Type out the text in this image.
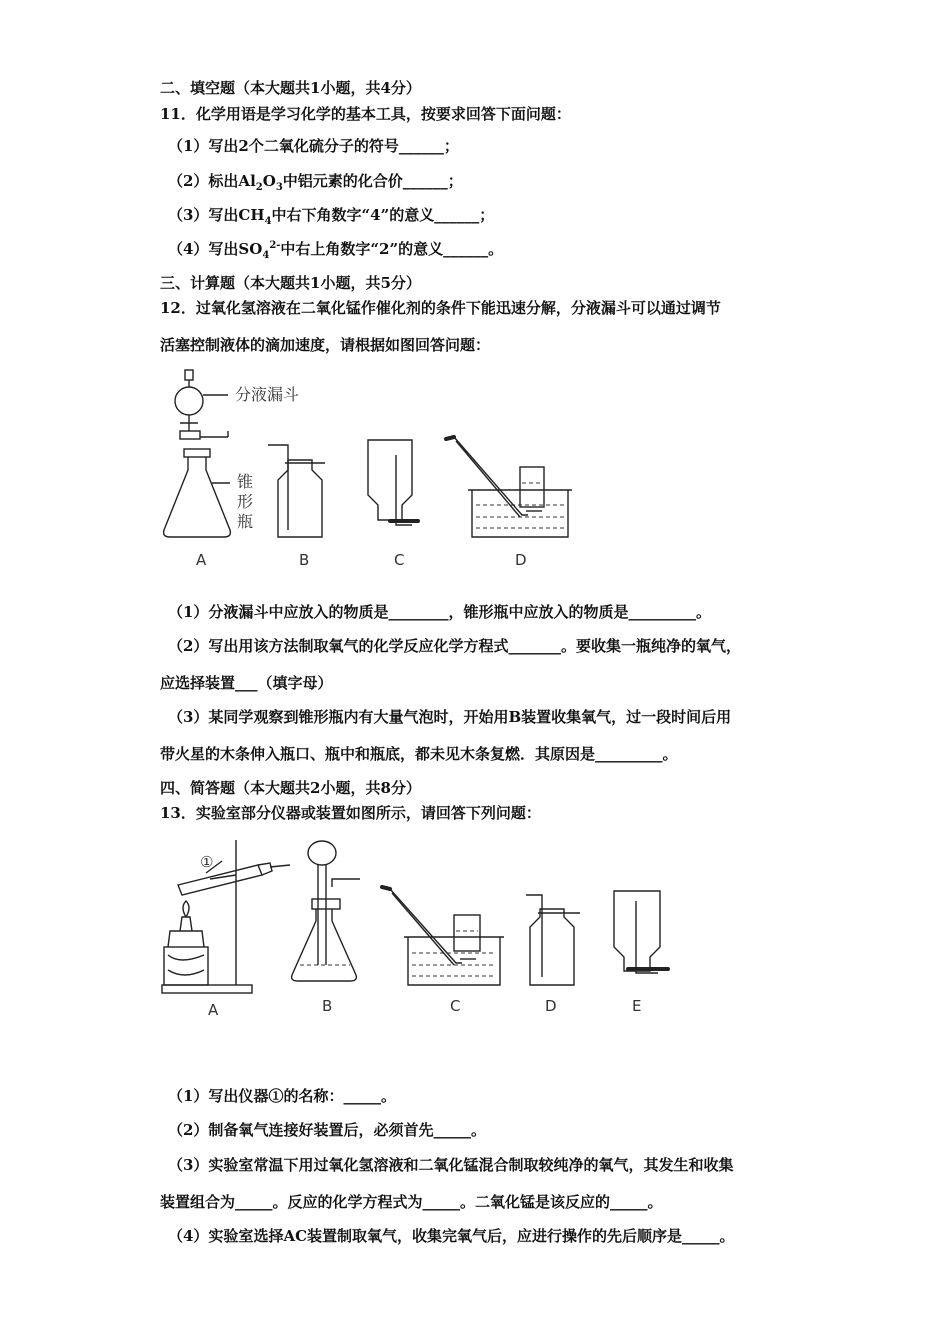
二、填空题（本大题共1小题，共4分）
11．化学用语是学习化学的基本工具，按要求回答下面问题：
（1）写出2个二氧化硫分子的符号______；
（2）标出$Al_2O_3$中铝元素的化合价______；
（3）写出$CH_4$中右下角数字“4”的意义______；
（4）写出$SO_4^{2-}$中右上角数字“2”的意义______。
三、计算题（本大题共1小题，共5分）
12．过氧化氢溶液在二氧化锰作催化剂的条件下能迅速分解，分液漏斗可以通过调节
活塞控制液体的滴加速度，请根据如图回答问题：
分液漏斗
锥
形
瓶
A	B	C	D
（1）分液漏斗中应放入的物质是________，锥形瓶中应放入的物质是_________。
（2）写出用该方法制取氧气的化学反应化学方程式_______。要收集一瓶纯净的氧气，
应选择装置___（填字母）
（3）某同学观察到锥形瓶内有大量气泡时，开始用B装置收集氧气，过一段时间后用
带火星的木条伸入瓶口、瓶中和瓶底，都未见木条复燃．其原因是_________。
四、简答题（本大题共2小题，共8分）
13．实验室部分仪器或装置如图所示，请回答下列问题：
①
A	B	C	D	E
（1）写出仪器①的名称：_____。
（2）制备氧气连接好装置后，必须首先_____。
（3）实验室常温下用过氧化氢溶液和二氧化锰混合制取较纯净的氧气，其发生和收集
装置组合为_____。反应的化学方程式为_____。二氧化锰是该反应的_____。
（4）实验室选择AC装置制取氧气，收集完氧气后，应进行操作的先后顺序是_____。
